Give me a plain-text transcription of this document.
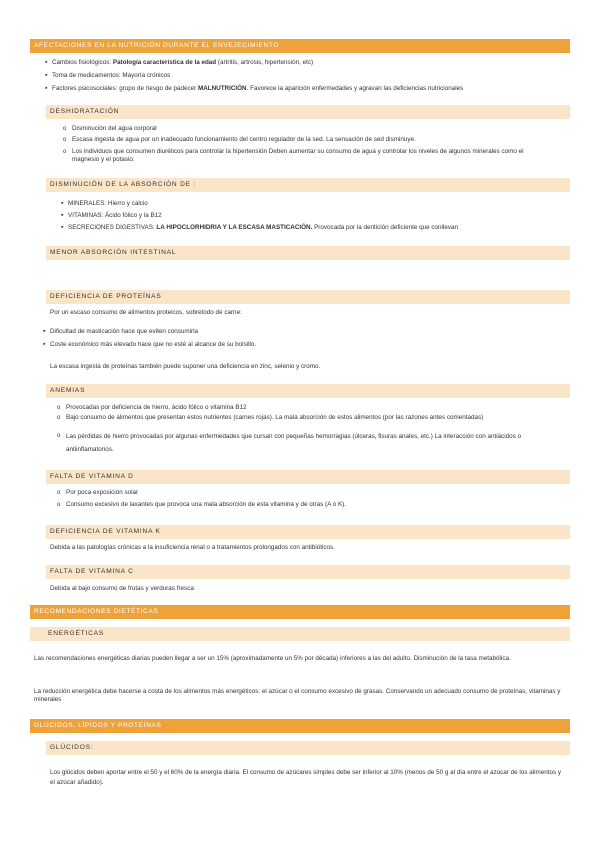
AFECTACIONES EN LA NUTRICIÓN DURANTE EL ENVEJECIMIENTO
▪ Cambios fisiológicos: Patología característica de la edad (artritis, artrosis, hipertensión, etc)
▪ Toma de medicamentos: Mayoría crónicos
▪ Factores psicosociales: grupo de riesgo de padecer MALNUTRICIÓN. Favorece la aparición enfermedades y agravan las deficiencias nutricionales
DESHIDRATACIÓN
o Disminución del agua corporal
o Escasa ingesta de agua por un inadecuado funcionamiento del centro regulador de la sed. La sensación de sed disminuye.
o Los individuos que consumen diuréticos para controlar la hipertensión Deben aumentar su consumo de agua y controlar los niveles de algunos minerales como el magnesio y el potasio.
DISMINUCIÓN DE LA ABSORCIÓN DE :
▪ MINERALES: Hierro y calcio
▪ VITAMINAS: Ácido fólico y la B12
▪ SECRECIONES DIGESTIVAS: LA HIPOCLORHIDRIA Y LA ESCASA MASTICACIÓN. Provocada por la dentición deficiente que conllevan
MENOR ABSORCIÓN INTESTINAL
DEFICIENCIA DE PROTEÍNAS
Por un escaso consumo de alimentos proteicos, sobretodo de carne:
▪ Dificultad de masticación hace que eviten consumirla
▪ Coste económico más elevado hace que no esté al alcance de su bolsillo.
La escasa ingesta de proteínas también puede suponer una deficiencia en zinc, selenio y cromo.
ANEMIAS
o Provocadas por deficiencia de hierro, ácido fólico o vitamina B12
o Bajo consumo de alimentos que presentan estos nutrientes (carnes rojas). La mala absorción de estos alimentos (por las razones antes comentadas)
o Las pérdidas de hierro provocadas por algunas enfermedades que cursan con pequeñas hemorragias (úlceras, fisuras anales, etc.) La interacción con antiácidos o antiinflamatorios.
FALTA DE VITAMINA D
o Por poca exposición solar
o Consumo excesivo de laxantes que provoca una mala absorción de esta vitamina y de otras (A o K).
DEFICIENCIA DE VITAMINA K
Debida a las patologías crónicas a la insuficiencia renal o a tratamientos prolongados con antibióticos.
FALTA DE VITAMINA C
Debida al bajo consumo de frutas y verduras fresca
RECOMENDACIONES DIETÉTICAS
ENERGÉTICAS
Las recomendaciones energéticas diarias pueden llegar a ser un 15% (aproximadamente un 5% por década) inferiores a las del adulto. Disminución de la tasa metabólica.
La reducción energética debe hacerse a costa de los alimentos más energéticos: el azúcar o el consumo excesivo de grasas. Conservando un adecuado consumo de proteínas, vitaminas y minerales
GLÚCIDOS, LÍPIDOS Y PROTEÍNAS
GLÚCIDOS:
Los glúcidos deben aportar entre el 50 y el 60% de la energía diaria. El consumo de azúcares simples debe ser inferior al 10% (menos de 50 g al día entre el azúcar de los alimentos y el azúcar añadido).
